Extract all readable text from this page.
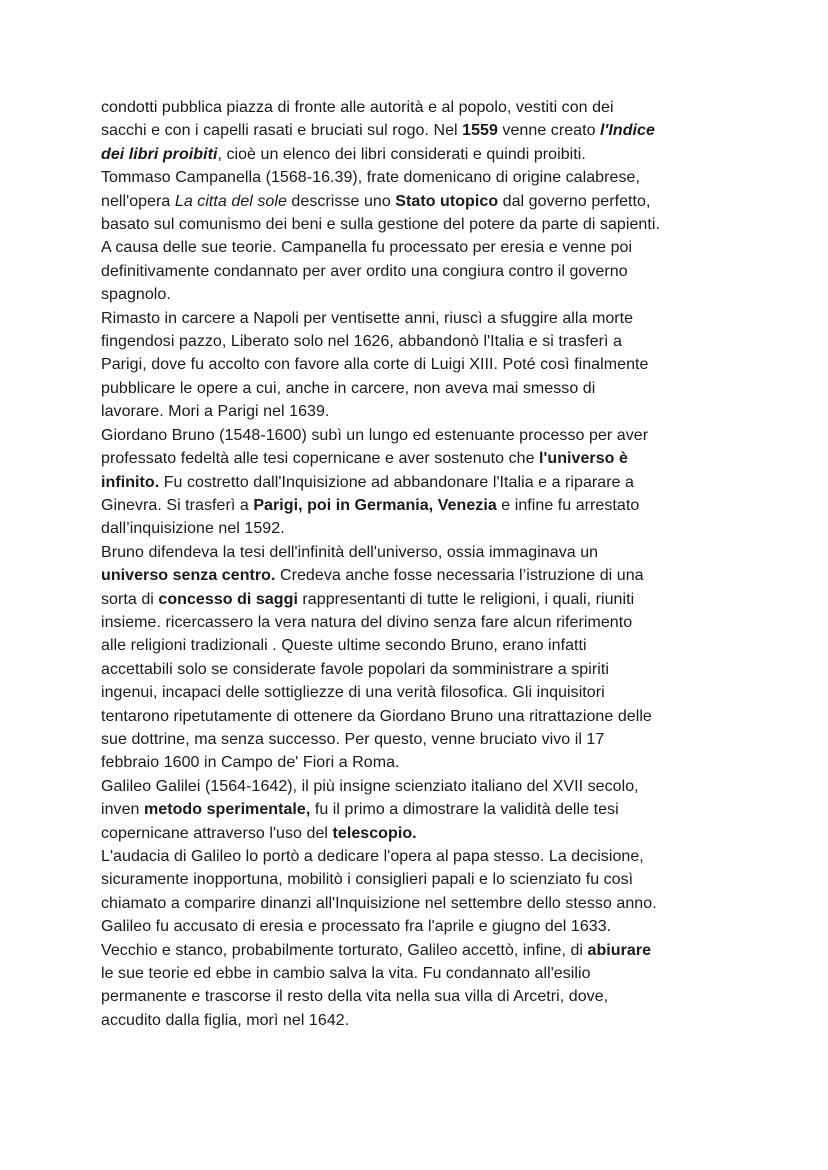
condotti pubblica piazza di fronte alle autorità e al popolo, vestiti con dei
sacchi e con i capelli rasati e bruciati sul rogo. Nel 1559 venne creato l'Indice
dei libri proibiti, cioè un elenco dei libri considerati e quindi proibiti.
Tommaso Campanella (1568-16.39), frate domenicano di origine calabrese,
nell'opera La citta del sole descrisse uno Stato utopico dal governo perfetto,
basato sul comunismo dei beni e sulla gestione del potere da parte di sapienti.
A causa delle sue teorie. Campanella fu processato per eresia e venne poi
definitivamente condannato per aver ordito una congiura contro il governo
spagnolo.
Rimasto in carcere a Napoli per ventisette anni, riuscì a sfuggire alla morte
fingendosi pazzo, Liberato solo nel 1626, abbandonò l'Italia e si trasferì a
Parigi, dove fu accolto con favore alla corte di Luigi XIII. Poté così finalmente
pubblicare le opere a cui, anche in carcere, non aveva mai smesso di
lavorare. Mori a Parigi nel 1639.
Giordano Bruno (1548-1600) subì un lungo ed estenuante processo per aver
professato fedeltà alle tesi copernicane e aver sostenuto che l'universo è
infinito. Fu costretto dall'Inquisizione ad abbandonare l'Italia e a riparare a
Ginevra. Si trasferì a Parigi, poi in Germania, Venezia e infine fu arrestato
dall’inquisizione nel 1592.
Bruno difendeva la tesi dell'infinità dell'universo, ossia immaginava un
universo senza centro. Credeva anche fosse necessaria l’istruzione di una
sorta di concesso di saggi rappresentanti di tutte le religioni, i quali, riuniti
insieme. ricercassero la vera natura del divino senza fare alcun riferimento
alle religioni tradizionali . Queste ultime secondo Bruno, erano infatti
accettabili solo se considerate favole popolari da somministrare a spiriti
ingenui, incapaci delle sottigliezze di una verità filosofica. Gli inquisitori
tentarono ripetutamente di ottenere da Giordano Bruno una ritrattazione delle
sue dottrine, ma senza successo. Per questo, venne bruciato vivo il 17
febbraio 1600 in Campo de' Fiori a Roma.
Galileo Galilei (1564-1642), il più insigne scienziato italiano del XVII secolo,
inven metodo sperimentale, fu il primo a dimostrare la validità delle tesi
copernicane attraverso l'uso del telescopio.
L'audacia di Galileo lo portò a dedicare l'opera al papa stesso. La decisione,
sicuramente inopportuna, mobilitò i consiglieri papali e lo scienziato fu così
chiamato a comparire dinanzi all'Inquisizione nel settembre dello stesso anno.
Galileo fu accusato di eresia e processato fra l'aprile e giugno del 1633.
Vecchio e stanco, probabilmente torturato, Galileo accettò, infine, di abiurare
le sue teorie ed ebbe in cambio salva la vita. Fu condannato all'esilio
permanente e trascorse il resto della vita nella sua villa di Arcetri, dove,
accudito dalla figlia, morì nel 1642.
